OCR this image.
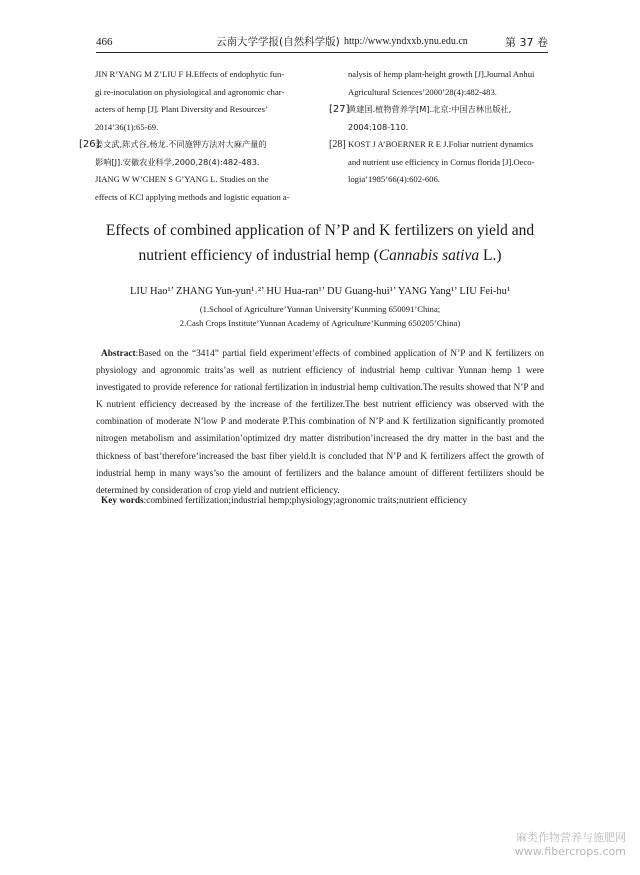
466	云南大学学报(自然科学版) http://www.yndxxb.ynu.edu.cn	第 37 卷
JIN R’YANG M Z’LIU F H.Effects of endophytic fun-
gi re-inoculation on physiological and agronomic char-
acters of hemp [J]. Plant Diversity and Resources’
2014’36(1):65-69.
[26]
姜文武,陈式谷,杨龙.不同施钾方法对大麻产量的
影响[J].安徽农业科学,2000,28(4):482-483.
JIANG W W’CHEN S G’YANG L. Studies on the
effects of KCl applying methods and logistic equation a-
nalysis of hemp plant-height growth [J].Journal Anhui
Agricultural Sciences’2000’28(4):482-483.
[27]
黄建国.植物营养学[M].北京:中国吉林出版社,
2004:108-110.
[28] KOST J A’BOERNER R E J.Foliar nutrient dynamics
and nutrient use efficiency in Cornus florida [J].Oeco-
logia’1985’66(4):602-606.
Effects of combined application of N’P and K fertilizers on yield and
nutrient efficiency of industrial hemp (Cannabis sativa L.)
LIU Hao¹’ ZHANG Yun-yun¹˒²’ HU Hua-ran¹’ DU Guang-hui¹’ YANG Yang¹’ LIU Fei-hu¹
(1.School of Agriculture’Yunnan University’Kunming 650091’China;
2.Cash Crops Institute’Yunnan Academy of Agriculture’Kunming 650205’China)
Abstract:Based on the “3414” partial field experiment’effects of combined application of N’P and K fertilizers on physiology and agronomic traits’as well as nutrient efficiency of industrial hemp cultivar Yunnan hemp 1 were investigated to provide reference for rational fertilization in industrial hemp cultivation.The results showed that N’P and K nutrient efficiency decreased by the increase of the fertilizer.The best nutrient efficiency was observed with the combination of moderate N’low P and moderate P.This combination of N’P and K fertilization significantly promoted nitrogen metabolism and assimilation’optimized dry matter distribution’increased the dry matter in the bast and the thickness of bast’therefore’increased the bast fiber yield.It is concluded that N’P and K fertilizers affect the growth of industrial hemp in many ways’so the amount of fertilizers and the balance amount of different fertilizers should be determined by consideration of crop yield and nutrient efficiency.
Key words:combined fertilization;industrial hemp;physiology;agronomic traits;nutrient efficiency
麻类作物营养与施肥网
www.fibercrops.com
